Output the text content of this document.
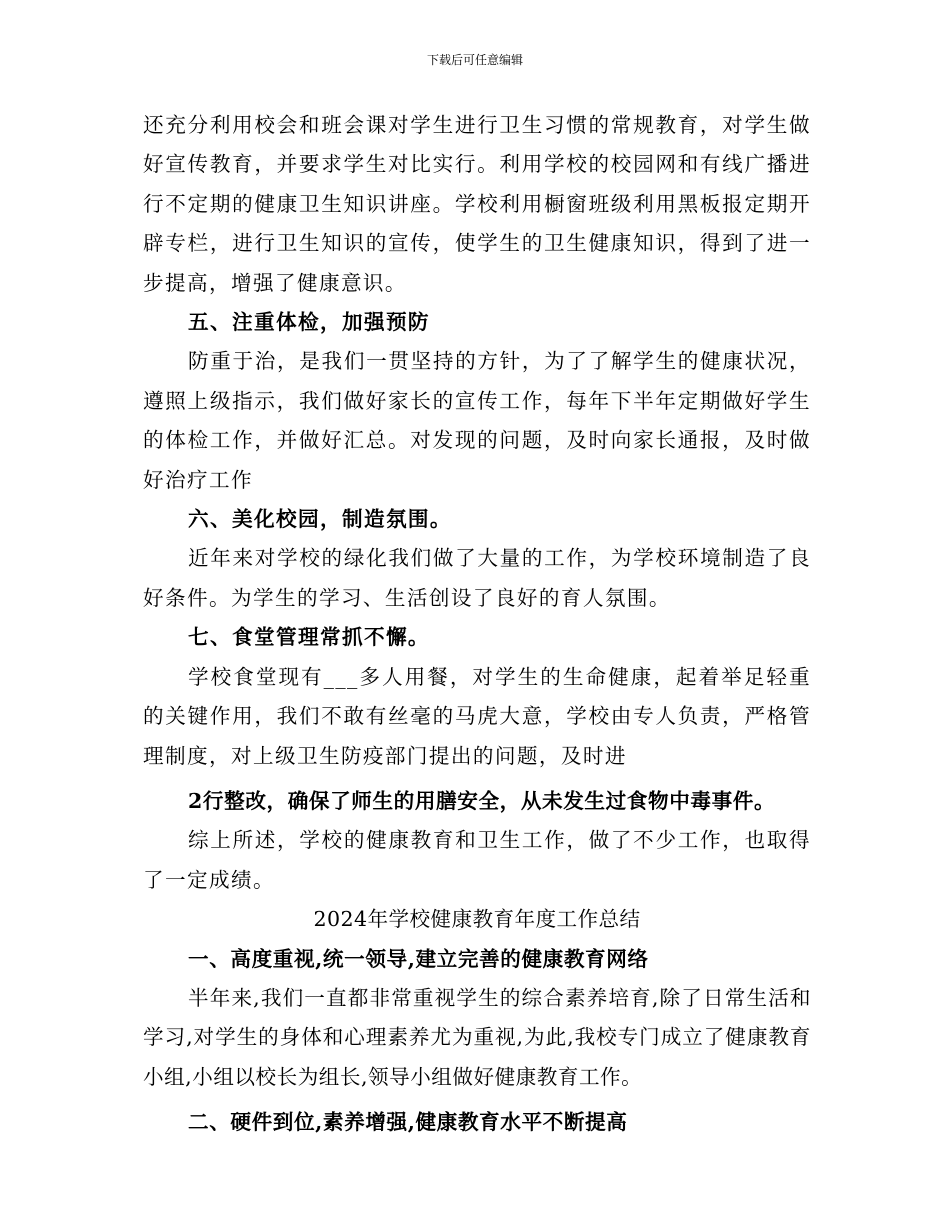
下载后可任意编辑

还充分利用校会和班会课对学生进行卫生习惯的常规教育，对学生做好宣传教育，并要求学生对比实行。利用学校的校园网和有线广播进行不定期的健康卫生知识讲座。学校利用橱窗班级利用黑板报定期开辟专栏，进行卫生知识的宣传，使学生的卫生健康知识，得到了进一步提高，增强了健康意识。

五、注重体检，加强预防

防重于治，是我们一贯坚持的方针，为了了解学生的健康状况，遵照上级指示，我们做好家长的宣传工作，每年下半年定期做好学生的体检工作，并做好汇总。对发现的问题，及时向家长通报，及时做好治疗工作

六、美化校园，制造氛围。

近年来对学校的绿化我们做了大量的工作，为学校环境制造了良好条件。为学生的学习、生活创设了良好的育人氛围。

七、食堂管理常抓不懈。

学校食堂现有___多人用餐，对学生的生命健康，起着举足轻重的关键作用，我们不敢有丝毫的马虎大意，学校由专人负责，严格管理制度，对上级卫生防疫部门提出的问题，及时进

2行整改，确保了师生的用膳安全，从未发生过食物中毒事件。

综上所述，学校的健康教育和卫生工作，做了不少工作，也取得了一定成绩。

2024年学校健康教育年度工作总结

一、高度重视,统一领导,建立完善的健康教育网络

半年来,我们一直都非常重视学生的综合素养培育,除了日常生活和学习,对学生的身体和心理素养尤为重视,为此,我校专门成立了健康教育小组,小组以校长为组长,领导小组做好健康教育工作。

二、硬件到位,素养增强,健康教育水平不断提高
